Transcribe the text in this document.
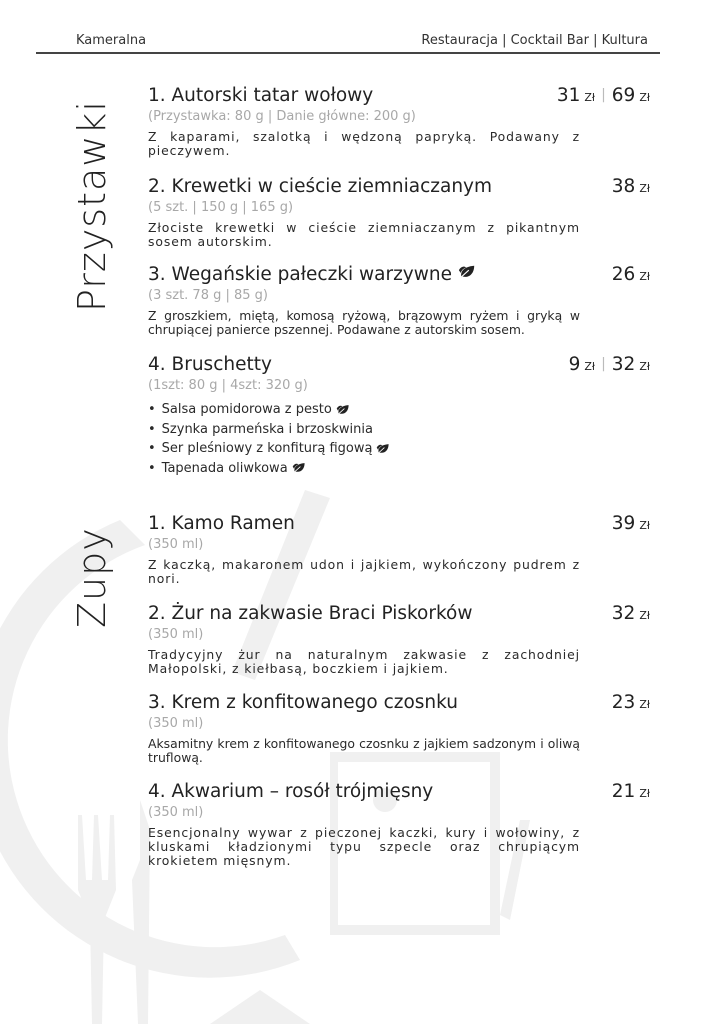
Kameralna	Restauracja | Cocktail Bar | Kultura
Przystawki
1. Autorski tatar wołowy
(Przystawka: 80 g | Danie główne: 200 g)
Z kaparami, szalotką i wędzoną papryką. Podawany z pieczywem.
31 Zł | 69 Zł
2. Krewetki w cieście ziemniaczanym
(5 szt. | 150 g | 165 g)
Złociste krewetki w cieście ziemniaczanym z pikantnym sosem autorskim.
38 Zł
3. Wegańskie pałeczki warzywne
(3 szt. 78 g | 85 g)
Z groszkiem, miętą, komosą ryżową, brązowym ryżem i gryką w chrupiącej panierce pszennej. Podawane z autorskim sosem.
26 Zł
4. Bruschetty
(1szt: 80 g | 4szt: 320 g)
• Salsa pomidorowa z pesto
• Szynka parmeńska i brzoskwinia
• Ser pleśniowy z konfiturą figową
• Tapenada oliwkowa
9 Zł | 32 Zł
Zupy
1. Kamo Ramen
(350 ml)
Z kaczką, makaronem udon i jajkiem, wykończony pudrem z nori.
39 Zł
2. Żur na zakwasie Braci Piskorków
(350 ml)
Tradycyjny żur na naturalnym zakwasie z zachodniej Małopolski, z kiełbasą, boczkiem i jajkiem.
32 Zł
3. Krem z konfitowanego czosnku
(350 ml)
Aksamitny krem z konfitowanego czosnku z jajkiem sadzonym i oliwą truflową.
23 Zł
4. Akwarium – rosół trójmięsny
(350 ml)
Esencjonalny wywar z pieczonej kaczki, kury i wołowiny, z kluskami kładzionymi typu szpecle oraz chrupiącym krokietem mięsnym.
21 Zł
